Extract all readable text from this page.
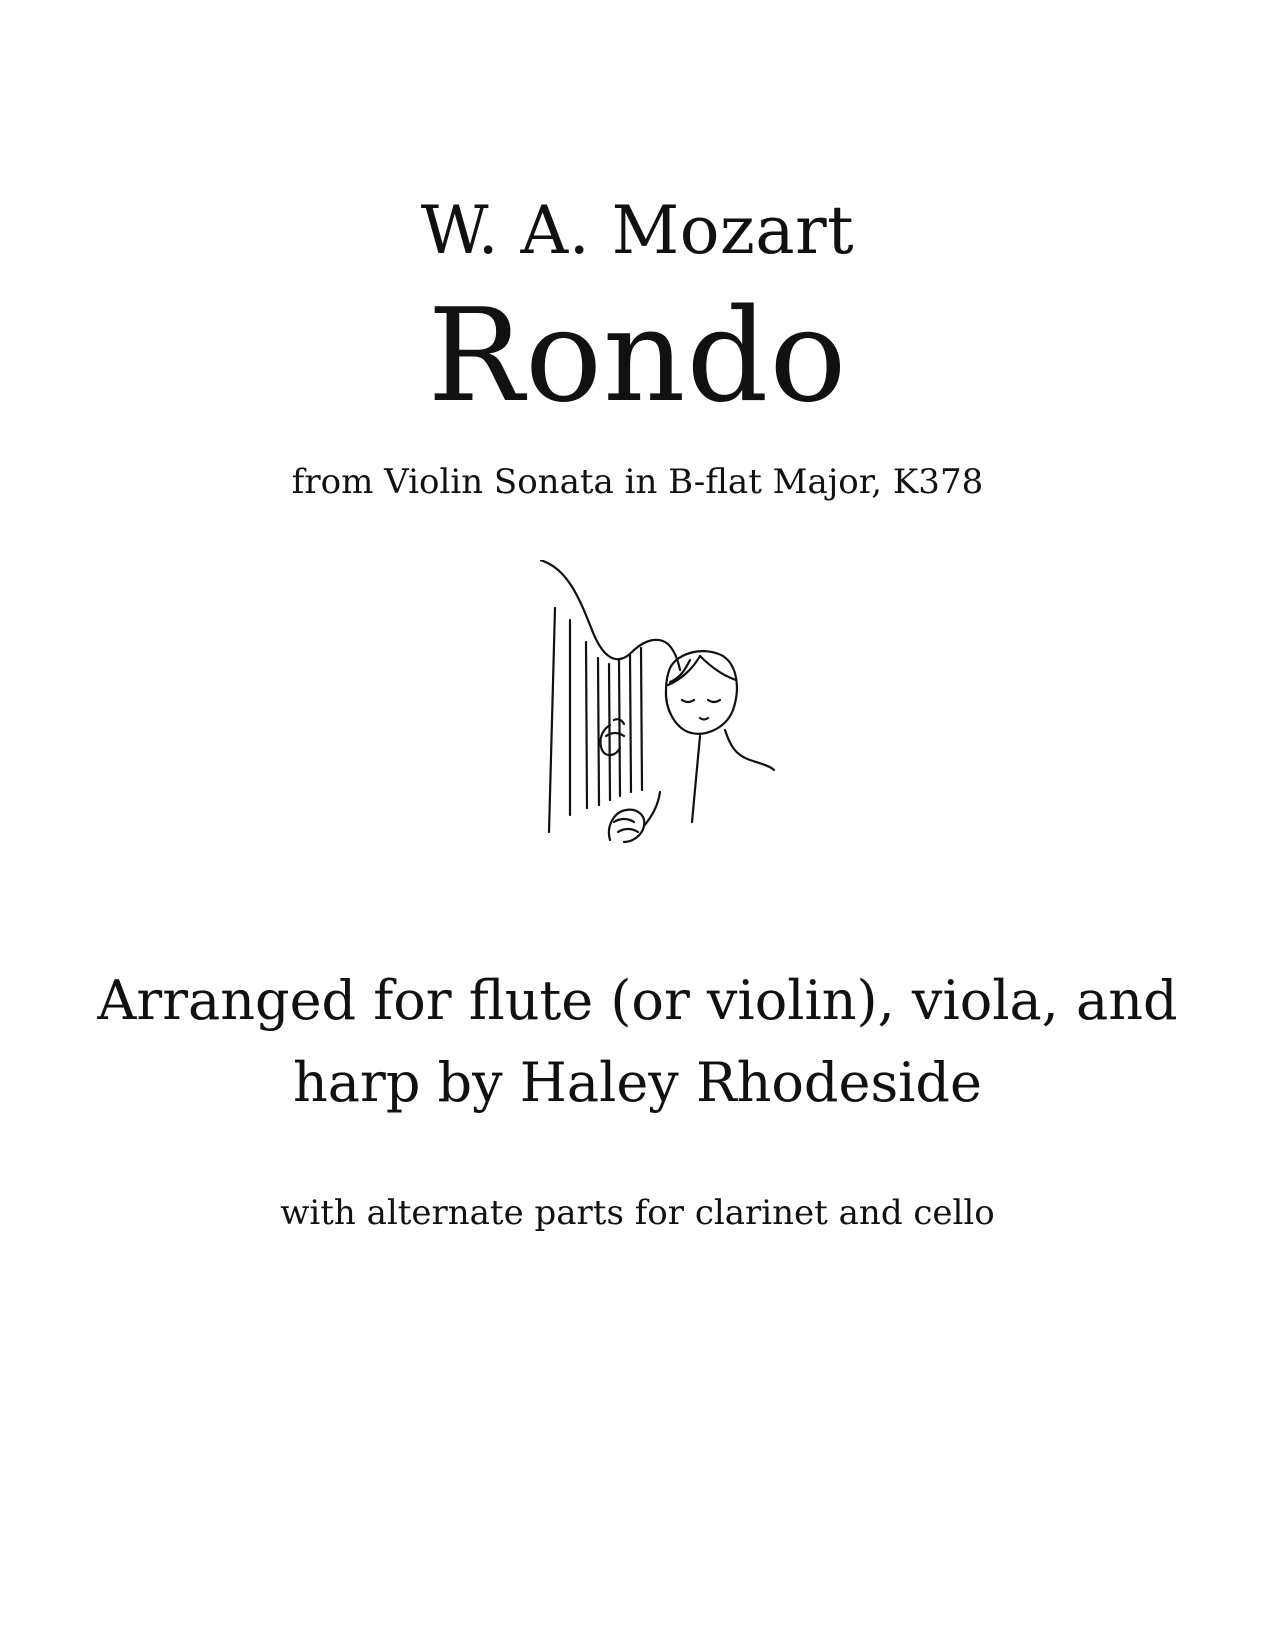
W. A. Mozart
Rondo
from Violin Sonata in B-flat Major, K378
Arranged for flute (or violin), viola, and
harp by Haley Rhodeside
with alternate parts for clarinet and cello
